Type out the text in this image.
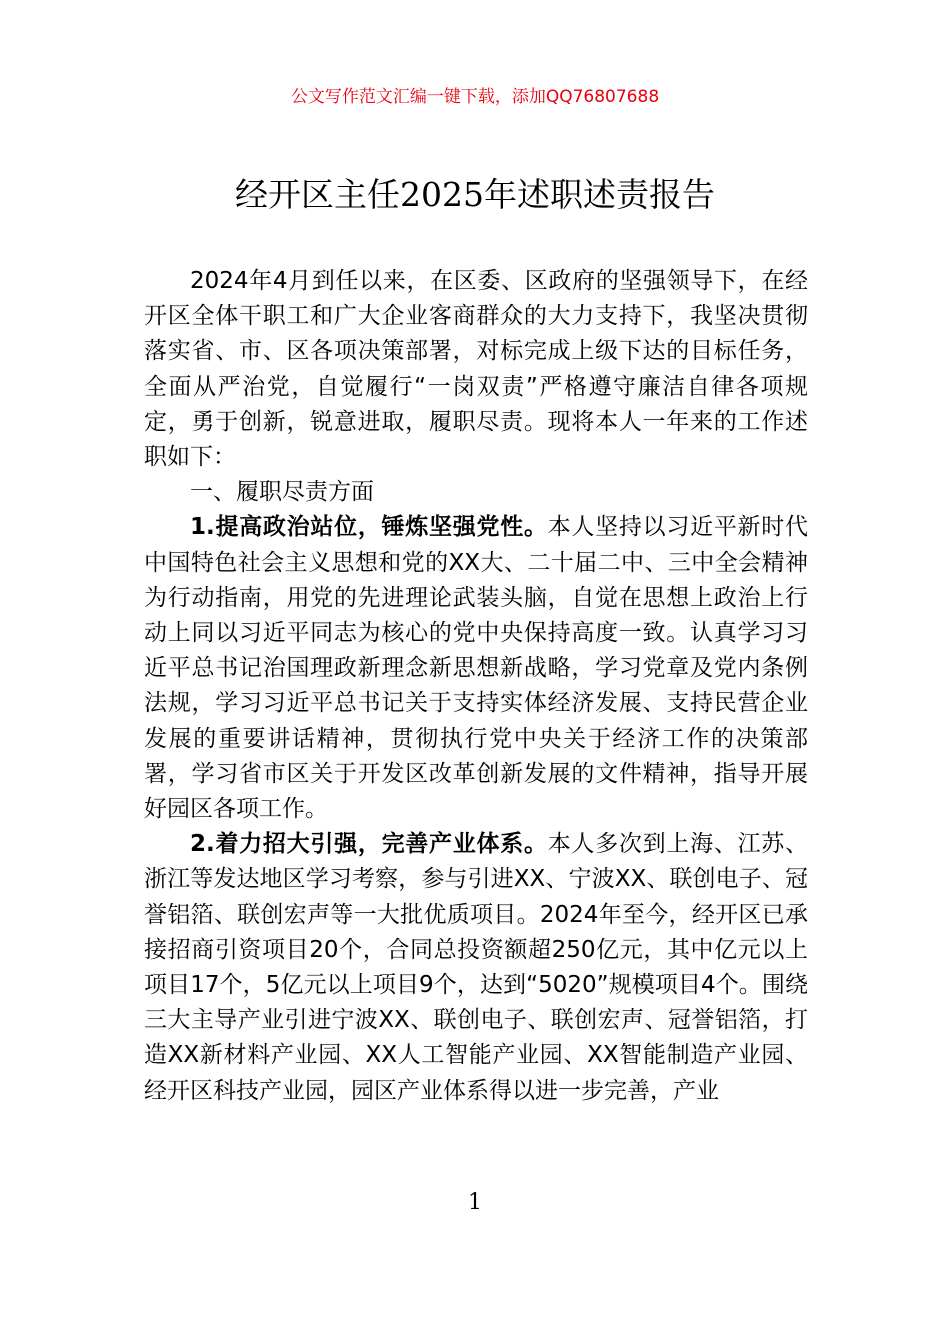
公文写作范文汇编一键下载，添加QQ76807688
经开区主任2025年述职述责报告

2024年4月到任以来，在区委、区政府的坚强领导下，在经开区全体干职工和广大企业客商群众的大力支持下，我坚决贯彻落实省、市、区各项决策部署，对标完成上级下达的目标任务，全面从严治党，自觉履行“一岗双责”严格遵守廉洁自律各项规定，勇于创新，锐意进取，履职尽责。现将本人一年来的工作述职如下：

一、履职尽责方面

1.提高政治站位，锤炼坚强党性。本人坚持以习近平新时代中国特色社会主义思想和党的XX大、二十届二中、三中全会精神为行动指南，用党的先进理论武装头脑，自觉在思想上政治上行动上同以习近平同志为核心的党中央保持高度一致。认真学习习近平总书记治国理政新理念新思想新战略，学习党章及党内条例法规，学习习近平总书记关于支持实体经济发展、支持民营企业发展的重要讲话精神，贯彻执行党中央关于经济工作的决策部署，学习省市区关于开发区改革创新发展的文件精神，指导开展好园区各项工作。

2.着力招大引强，完善产业体系。本人多次到上海、江苏、浙江等发达地区学习考察，参与引进XX、宁波XX、联创电子、冠誉铝箔、联创宏声等一大批优质项目。2024年至今，经开区已承接招商引资项目20个，合同总投资额超250亿元，其中亿元以上项目17个，5亿元以上项目9个，达到“5020”规模项目4个。围绕三大主导产业引进宁波XX、联创电子、联创宏声、冠誉铝箔，打造XX新材料产业园、XX人工智能产业园、XX智能制造产业园、经开区科技产业园，园区产业体系得以进一步完善，产业

1
